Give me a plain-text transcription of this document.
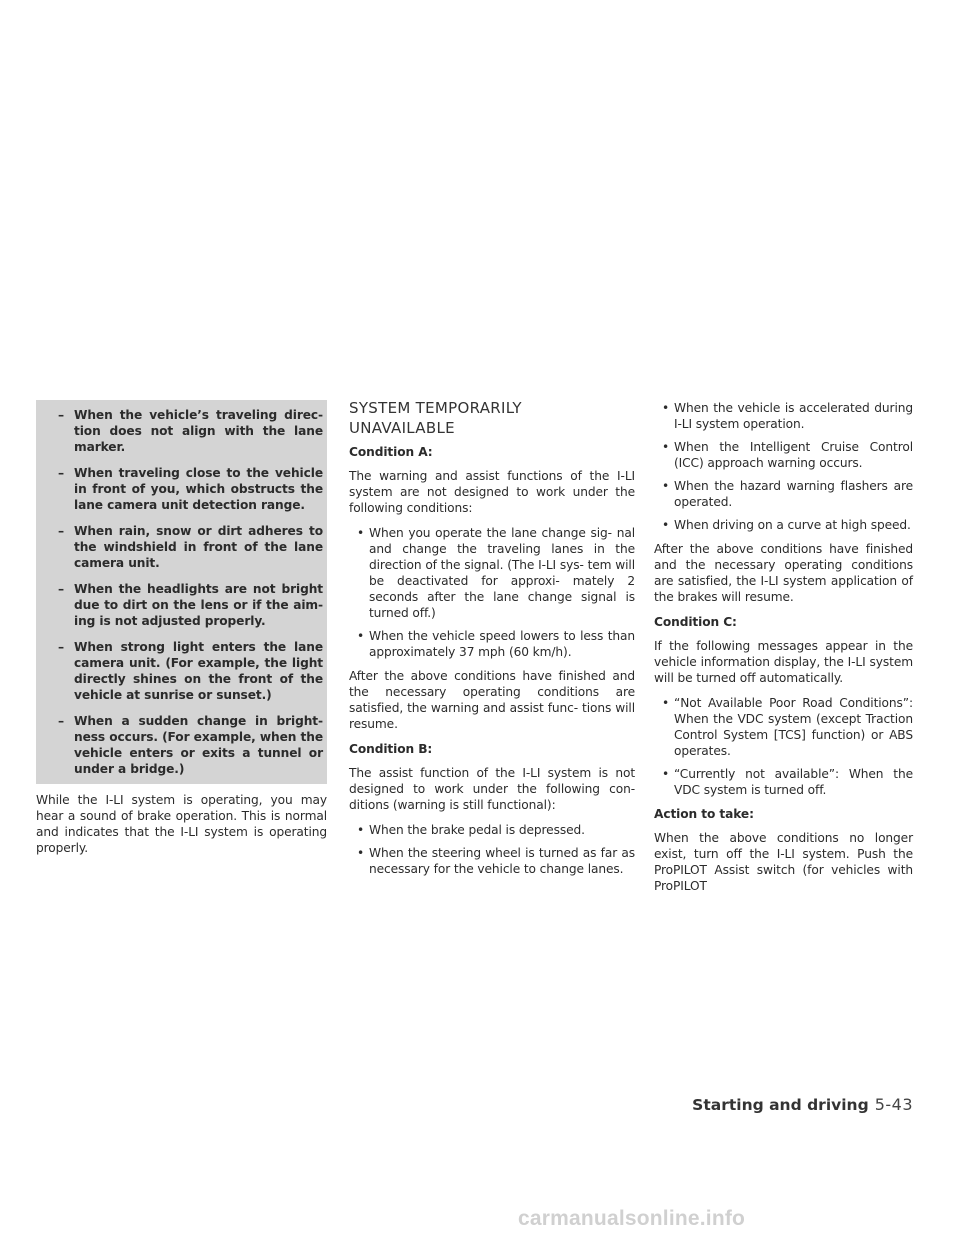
– When the vehicle’s traveling direc- tion does not align with the lane marker.
– When traveling close to the vehicle in front of you, which obstructs the lane camera unit detection range.
– When rain, snow or dirt adheres to the windshield in front of the lane camera unit.
– When the headlights are not bright due to dirt on the lens or if the aim- ing is not adjusted properly.
– When strong light enters the lane camera unit. (For example, the light directly shines on the front of the vehicle at sunrise or sunset.)
– When a sudden change in bright- ness occurs. (For example, when the vehicle enters or exits a tunnel or under a bridge.)

While the I-LI system is operating, you may hear a sound of brake operation. This is normal and indicates that the I-LI system is operating properly.

SYSTEM TEMPORARILY
UNAVAILABLE
Condition A:

The warning and assist functions of the I-LI system are not designed to work under the following conditions:

• When you operate the lane change sig- nal and change the traveling lanes in the direction of the signal. (The I-LI sys- tem will be deactivated for approxi- mately 2 seconds after the lane change signal is turned off.)
• When the vehicle speed lowers to less than approximately 37 mph (60 km/h).

After the above conditions have finished and the necessary operating conditions are satisfied, the warning and assist func- tions will resume.

Condition B:

The assist function of the I-LI system is not designed to work under the following con- ditions (warning is still functional):

• When the brake pedal is depressed.
• When the steering wheel is turned as far as necessary for the vehicle to change lanes.
• When the vehicle is accelerated during I-LI system operation.
• When the Intelligent Cruise Control (ICC) approach warning occurs.
• When the hazard warning flashers are operated.
• When driving on a curve at high speed.

After the above conditions have finished and the necessary operating conditions are satisfied, the I-LI system application of the brakes will resume.

Condition C:

If the following messages appear in the vehicle information display, the I-LI system will be turned off automatically.

• “Not Available Poor Road Conditions”: When the VDC system (except Traction Control System [TCS] function) or ABS operates.
• “Currently not available”: When the VDC system is turned off.
Action to take:

When the above conditions no longer exist, turn off the I-LI system. Push the ProPILOT Assist switch (for vehicles with ProPILOT

Starting and driving 5-43
carmanualsonline.info
